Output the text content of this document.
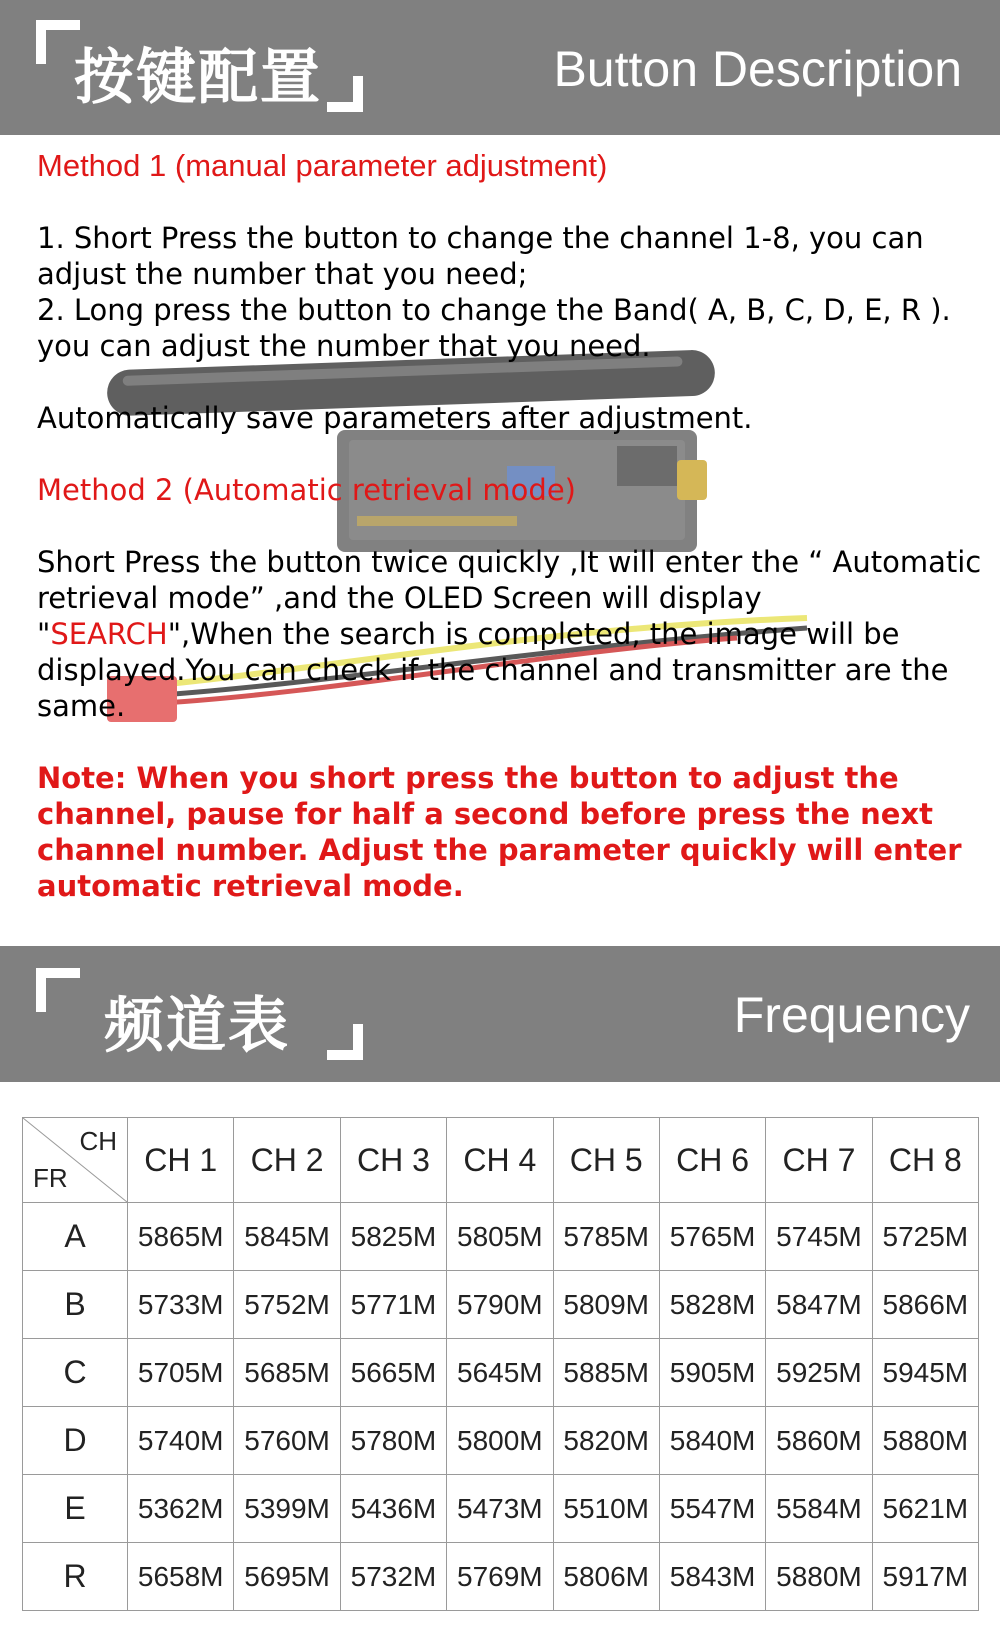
按键配置	Button Description

Method 1 (manual parameter adjustment)

1. Short Press the button to change the channel 1-8, you can adjust the number that you need;

2. Long press the button to change the Band( A, B, C, D, E, R ). you can adjust the number that you need.

Automatically save parameters after adjustment.

Method 2 (Automatic retrieval mode)

Short Press the button twice quickly ,It will enter the “ Automatic retrieval mode” ,and the OLED Screen will display "SEARCH",When the search is completed, the image will be displayed.You can check if the channel and transmitter are the same.

Note: When you short press the button to adjust the channel, pause for half a second before press the next channel number. Adjust the parameter quickly will enter automatic retrieval mode.

频道表	Frequency
CH
FR	CH 1	CH 2	CH 3	CH 4	CH 5	CH 6	CH 7	CH 8
A	5865M	5845M	5825M	5805M	5785M	5765M	5745M	5725M
B	5733M	5752M	5771M	5790M	5809M	5828M	5847M	5866M
C	5705M	5685M	5665M	5645M	5885M	5905M	5925M	5945M
D	5740M	5760M	5780M	5800M	5820M	5840M	5860M	5880M
E	5362M	5399M	5436M	5473M	5510M	5547M	5584M	5621M
R	5658M	5695M	5732M	5769M	5806M	5843M	5880M	5917M
